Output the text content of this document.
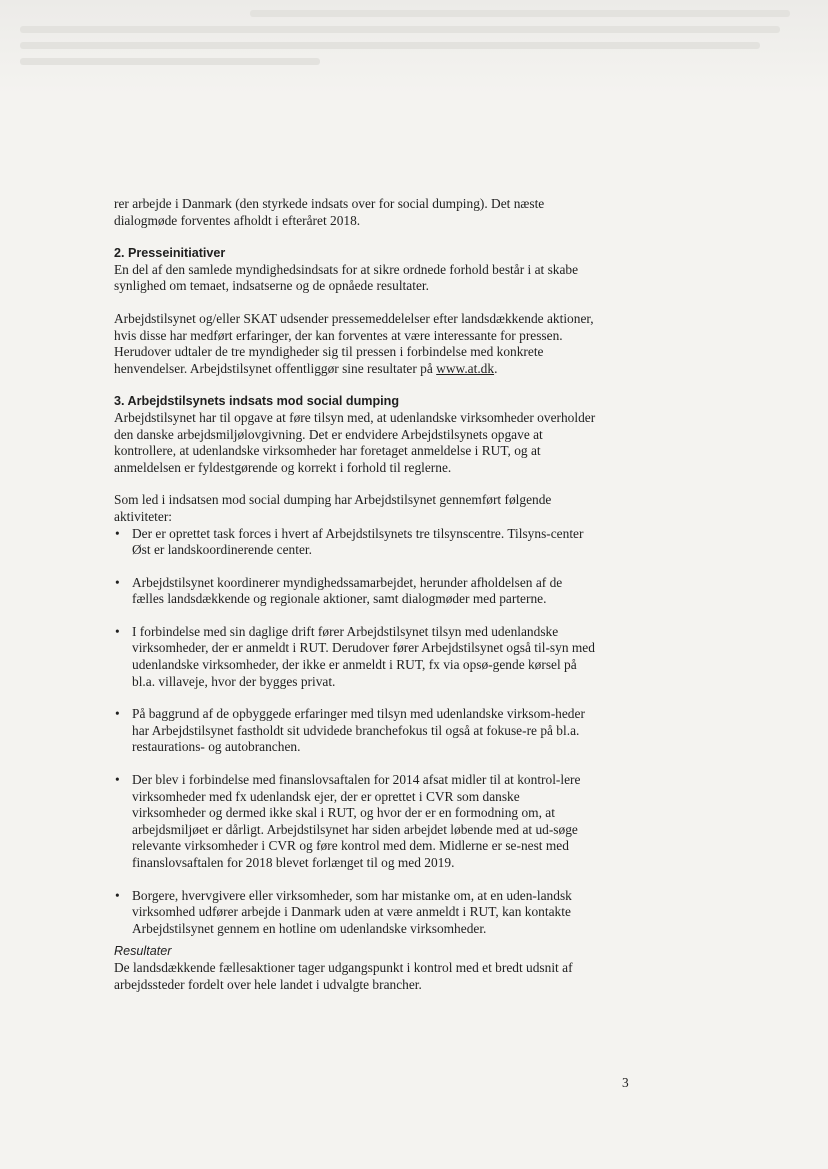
rer arbejde i Danmark (den styrkede indsats over for social dumping). Det næste dialogmøde forventes afholdt i efteråret 2018.

2. Presseinitiativer

En del af den samlede myndighedsindsats for at sikre ordnede forhold består i at skabe synlighed om temaet, indsatserne og de opnåede resultater.

Arbejdstilsynet og/eller SKAT udsender pressemeddelelser efter landsdækkende aktioner, hvis disse har medført erfaringer, der kan forventes at være interessante for pressen. Herudover udtaler de tre myndigheder sig til pressen i forbindelse med konkrete henvendelser. Arbejdstilsynet offentliggør sine resultater på www.at.dk.

3. Arbejdstilsynets indsats mod social dumping

Arbejdstilsynet har til opgave at føre tilsyn med, at udenlandske virksomheder overholder den danske arbejdsmiljølovgivning. Det er endvidere Arbejdstilsynets opgave at kontrollere, at udenlandske virksomheder har foretaget anmeldelse i RUT, og at anmeldelsen er fyldestgørende og korrekt i forhold til reglerne.

Som led i indsatsen mod social dumping har Arbejdstilsynet gennemført følgende aktiviteter:

• Der er oprettet task forces i hvert af Arbejdstilsynets tre tilsynscentre. Tilsyns-center Øst er landskoordinerende center.
• Arbejdstilsynet koordinerer myndighedssamarbejdet, herunder afholdelsen af de fælles landsdækkende og regionale aktioner, samt dialogmøder med parterne.
• I forbindelse med sin daglige drift fører Arbejdstilsynet tilsyn med udenlandske virksomheder, der er anmeldt i RUT. Derudover fører Arbejdstilsynet også til-syn med udenlandske virksomheder, der ikke er anmeldt i RUT, fx via opsø-gende kørsel på bl.a. villaveje, hvor der bygges privat.
• På baggrund af de opbyggede erfaringer med tilsyn med udenlandske virksom-heder har Arbejdstilsynet fastholdt sit udvidede branchefokus til også at fokuse-re på bl.a. restaurations- og autobranchen.
• Der blev i forbindelse med finanslovsaftalen for 2014 afsat midler til at kontrol-lere virksomheder med fx udenlandsk ejer, der er oprettet i CVR som danske virksomheder og dermed ikke skal i RUT, og hvor der er en formodning om, at arbejdsmiljøet er dårligt. Arbejdstilsynet har siden arbejdet løbende med at ud-søge relevante virksomheder i CVR og føre kontrol med dem. Midlerne er se-nest med finanslovsaftalen for 2018 blevet forlænget til og med 2019.
• Borgere, hvervgivere eller virksomheder, som har mistanke om, at en uden-landsk virksomhed udfører arbejde i Danmark uden at være anmeldt i RUT, kan kontakte Arbejdstilsynet gennem en hotline om udenlandske virksomheder.
Resultater

De landsdækkende fællesaktioner tager udgangspunkt i kontrol med et bredt udsnit af arbejdssteder fordelt over hele landet i udvalgte brancher.

3
